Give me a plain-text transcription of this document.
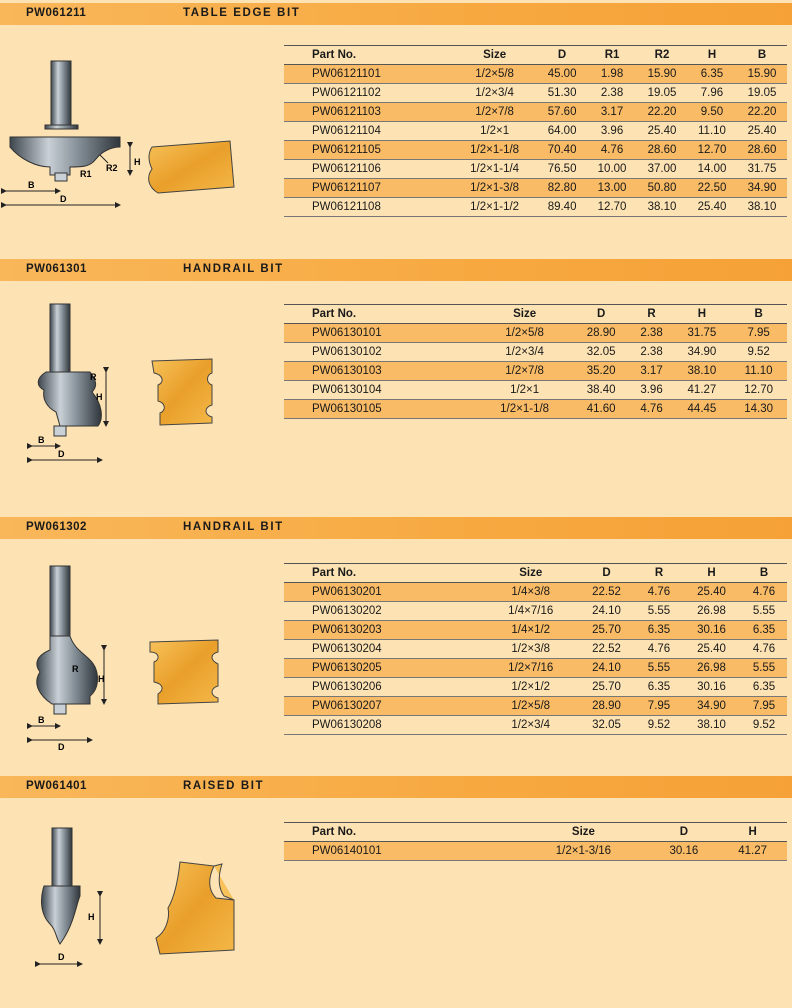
PW061211	TABLE EDGE BIT
B
D
H
R2
R1
Part No.	Size	D	R1	R2	H	B
PW06121101	1/2×5/8	45.00	1.98	15.90	6.35	15.90
PW06121102	1/2×3/4	51.30	2.38	19.05	7.96	19.05
PW06121103	1/2×7/8	57.60	3.17	22.20	9.50	22.20
PW06121104	1/2×1	64.00	3.96	25.40	11.10	25.40
PW06121105	1/2×1-1/8	70.40	4.76	28.60	12.70	28.60
PW06121106	1/2×1-1/4	76.50	10.00	37.00	14.00	31.75
PW06121107	1/2×1-3/8	82.80	13.00	50.80	22.50	34.90
PW06121108	1/2×1-1/2	89.40	12.70	38.10	25.40	38.10
PW061301	HANDRAIL BIT
B
D
H
R
Part No.	Size	D	R	H	B
PW06130101	1/2×5/8	28.90	2.38	31.75	7.95
PW06130102	1/2×3/4	32.05	2.38	34.90	9.52
PW06130103	1/2×7/8	35.20	3.17	38.10	11.10
PW06130104	1/2×1	38.40	3.96	41.27	12.70
PW06130105	1/2×1-1/8	41.60	4.76	44.45	14.30
PW061302	HANDRAIL BIT
B
D
H
R
Part No.	Size	D	R	H	B
PW06130201	1/4×3/8	22.52	4.76	25.40	4.76
PW06130202	1/4×7/16	24.10	5.55	26.98	5.55
PW06130203	1/4×1/2	25.70	6.35	30.16	6.35
PW06130204	1/2×3/8	22.52	4.76	25.40	4.76
PW06130205	1/2×7/16	24.10	5.55	26.98	5.55
PW06130206	1/2×1/2	25.70	6.35	30.16	6.35
PW06130207	1/2×5/8	28.90	7.95	34.90	7.95
PW06130208	1/2×3/4	32.05	9.52	38.10	9.52
PW061401	RAISED BIT
D
H
Part No.	Size	D	H
PW06140101	1/2×1-3/16	30.16	41.27
